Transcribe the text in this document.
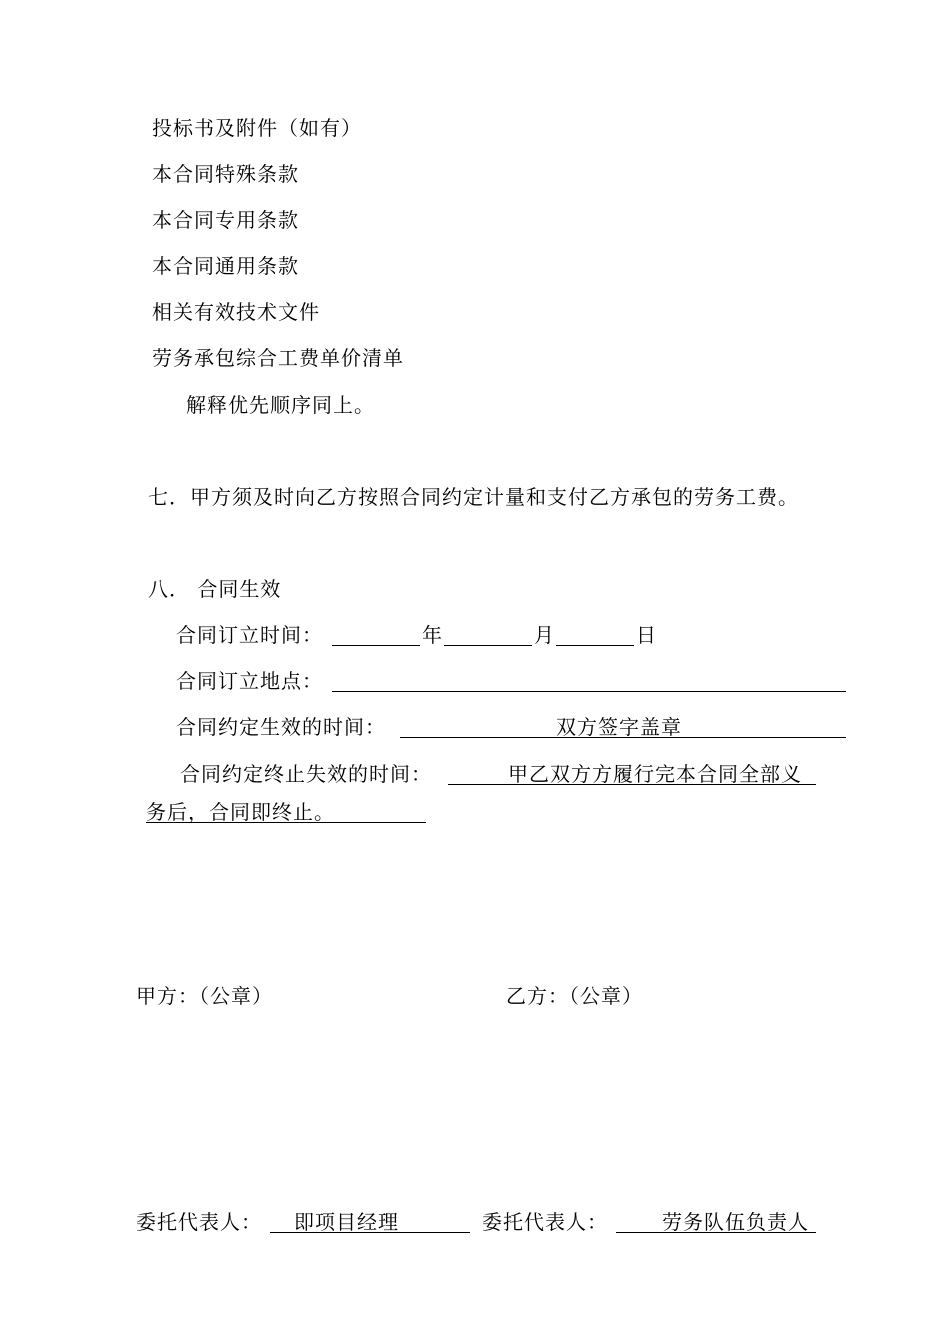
投标书及附件（如有）
本合同特殊条款
本合同专用条款
本合同通用条款
相关有效技术文件
劳务承包综合工费单价清单
解释优先顺序同上。
七．甲方须及时向乙方按照合同约定计量和支付乙方承包的劳务工费。
八． 合同生效
合同订立时间：	年	月	日
合同订立地点：
合同约定生效的时间：	双方签字盖章
合同约定终止失效的时间：	甲乙双方方履行完本合同全部义
务后，合同即终止。
甲方：（公章）	乙方：（公章）
委托代表人： 即项目经理	委托代表人：	劳务队伍负责人
